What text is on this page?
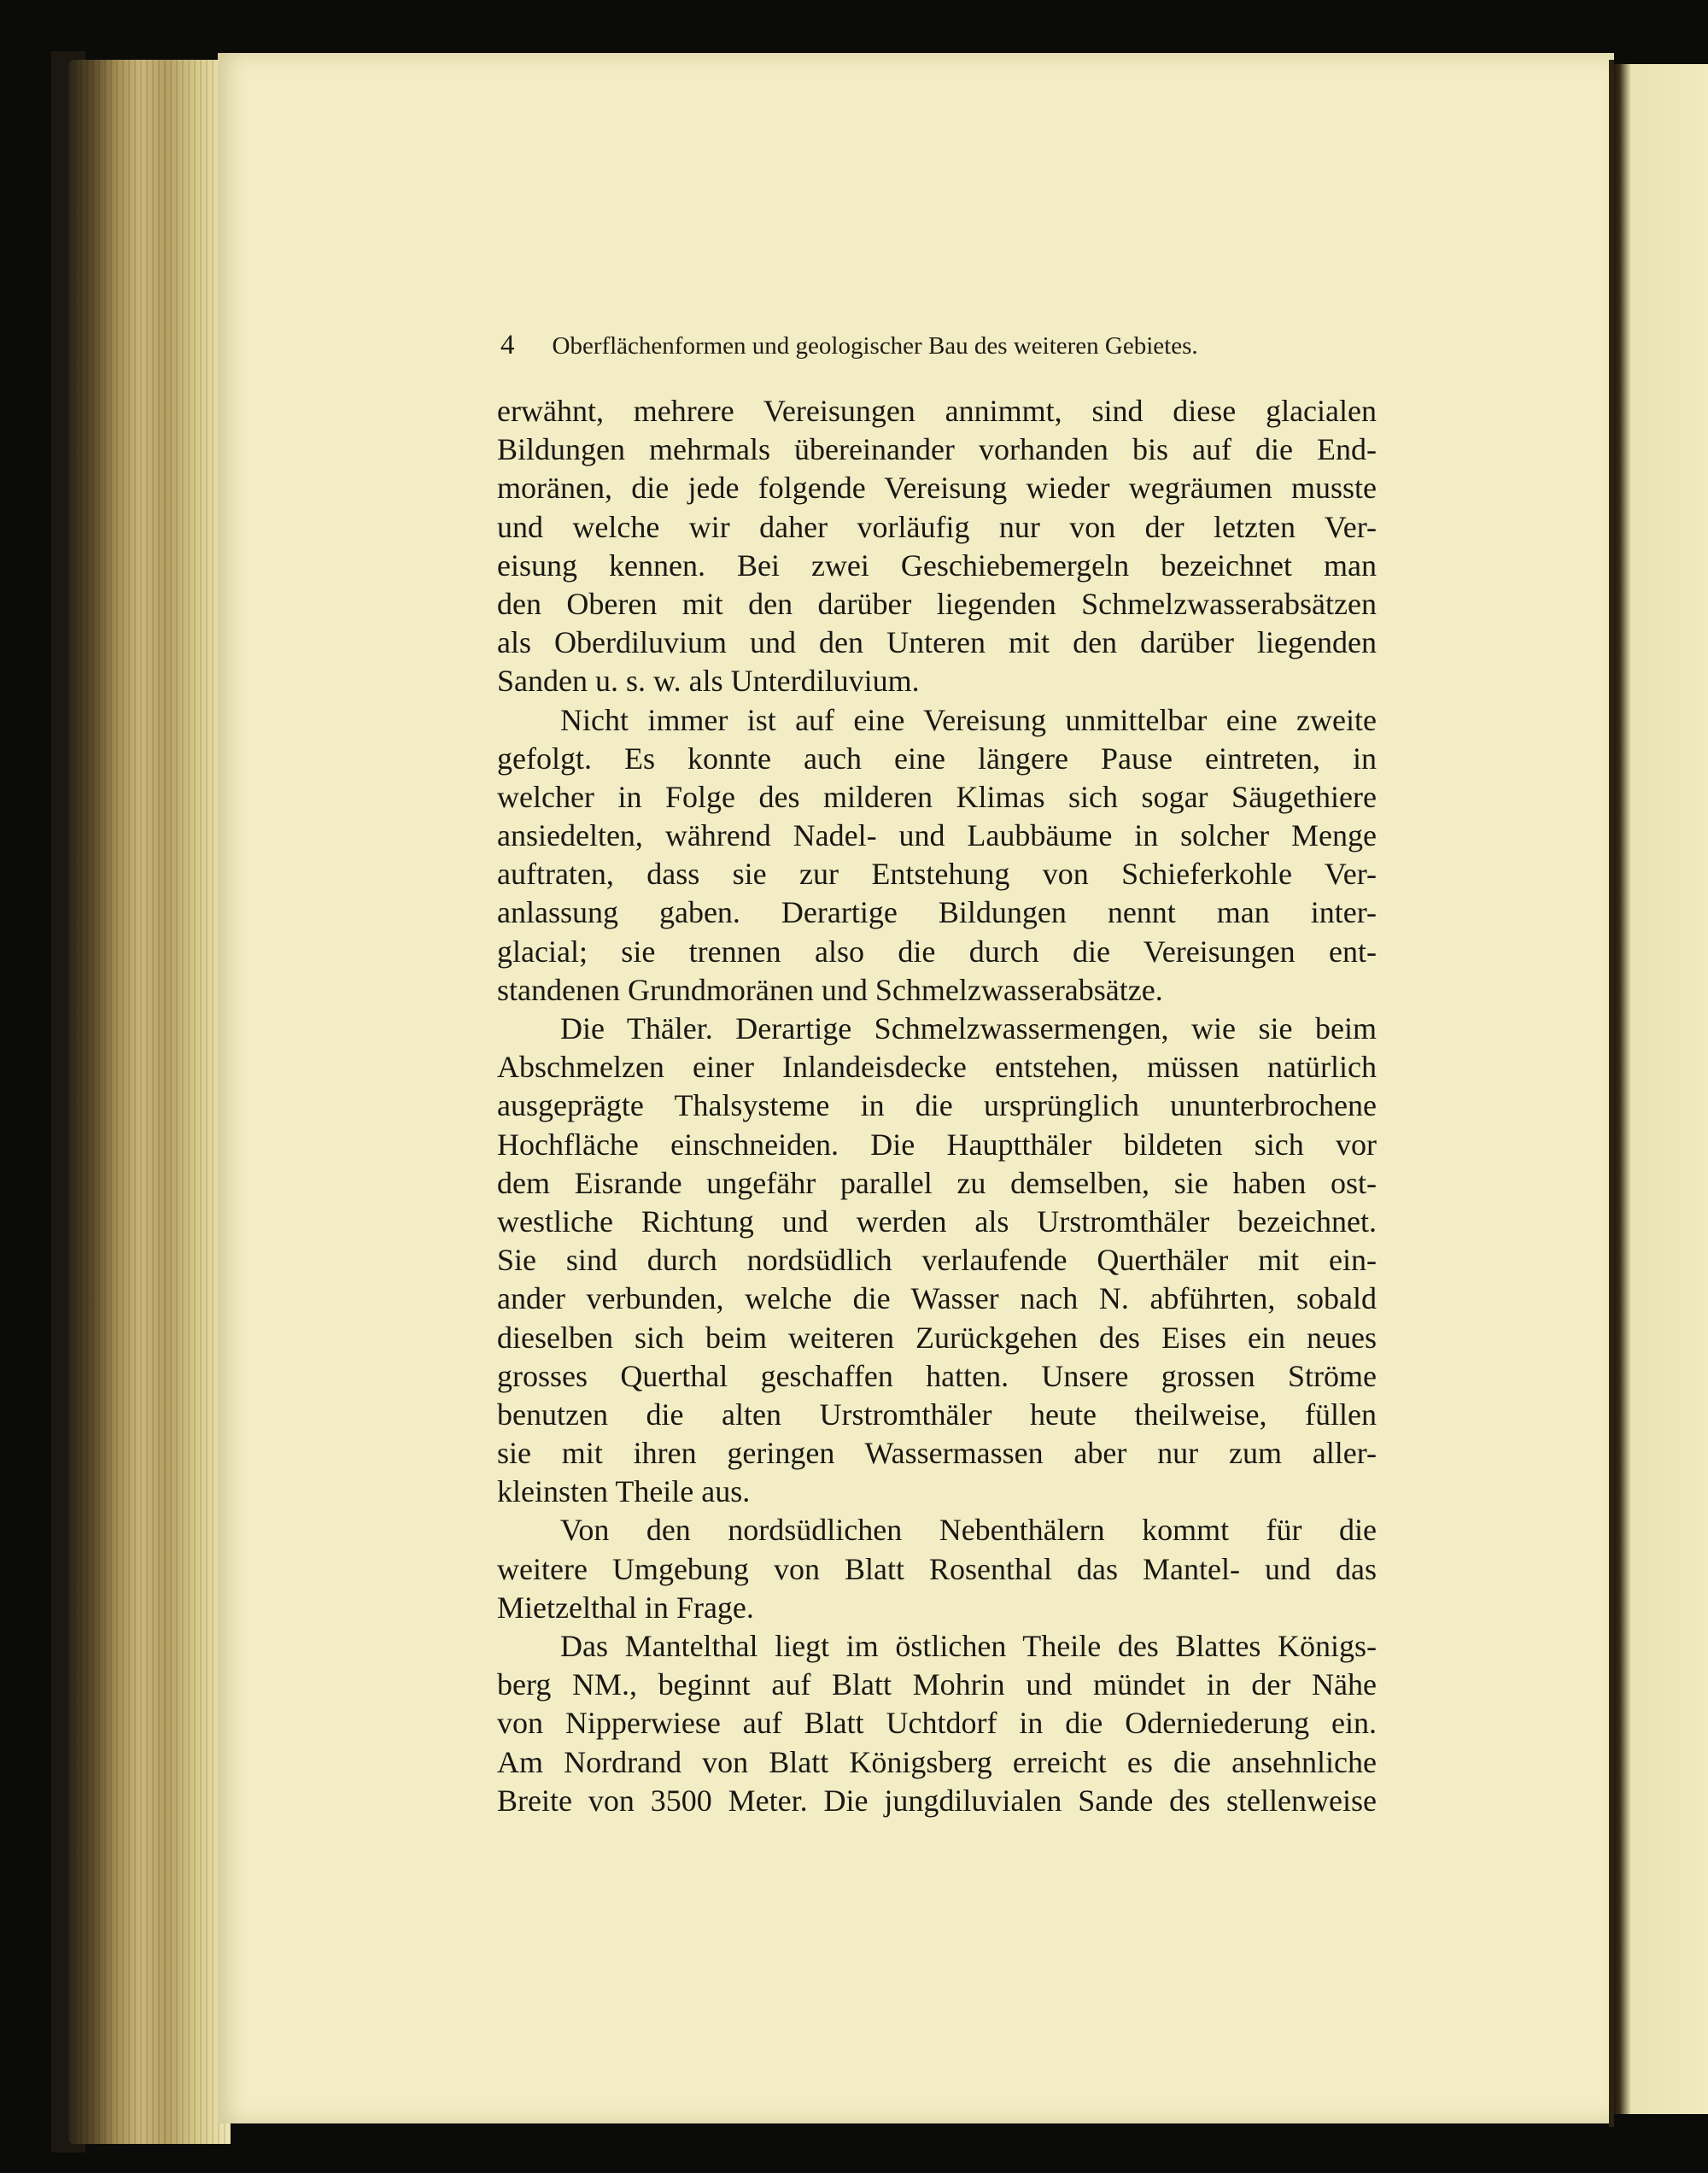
4 Oberflächenformen und geologischer Bau des weiteren Gebietes.
erwähnt, mehrere Vereisungen annimmt, sind diese glacialen
Bildungen mehrmals übereinander vorhanden bis auf die End-
moränen, die jede folgende Vereisung wieder wegräumen musste
und welche wir daher vorläufig nur von der letzten Ver-
eisung kennen. Bei zwei Geschiebemergeln bezeichnet man
den Oberen mit den darüber liegenden Schmelzwasserabsätzen
als Oberdiluvium und den Unteren mit den darüber liegenden
Sanden u. s. w. als Unterdiluvium.
Nicht immer ist auf eine Vereisung unmittelbar eine zweite
gefolgt. Es konnte auch eine längere Pause eintreten, in
welcher in Folge des milderen Klimas sich sogar Säugethiere
ansiedelten, während Nadel- und Laubbäume in solcher Menge
auftraten, dass sie zur Entstehung von Schieferkohle Ver-
anlassung gaben. Derartige Bildungen nennt man inter-
glacial; sie trennen also die durch die Vereisungen ent-
standenen Grundmoränen und Schmelzwasserabsätze.
Die Thäler. Derartige Schmelzwassermengen, wie sie beim
Abschmelzen einer Inlandeisdecke entstehen, müssen natürlich
ausgeprägte Thalsysteme in die ursprünglich ununterbrochene
Hochfläche einschneiden. Die Hauptthäler bildeten sich vor
dem Eisrande ungefähr parallel zu demselben, sie haben ost-
westliche Richtung und werden als Urstromthäler bezeichnet.
Sie sind durch nordsüdlich verlaufende Querthäler mit ein-
ander verbunden, welche die Wasser nach N. abführten, sobald
dieselben sich beim weiteren Zurückgehen des Eises ein neues
grosses Querthal geschaffen hatten. Unsere grossen Ströme
benutzen die alten Urstromthäler heute theilweise, füllen
sie mit ihren geringen Wassermassen aber nur zum aller-
kleinsten Theile aus.
Von den nordsüdlichen Nebenthälern kommt für die
weitere Umgebung von Blatt Rosenthal das Mantel- und das
Mietzelthal in Frage.
Das Mantelthal liegt im östlichen Theile des Blattes Königs-
berg NM., beginnt auf Blatt Mohrin und mündet in der Nähe
von Nipperwiese auf Blatt Uchtdorf in die Oderniederung ein.
Am Nordrand von Blatt Königsberg erreicht es die ansehnliche
Breite von 3500 Meter. Die jungdiluvialen Sande des stellenweise
